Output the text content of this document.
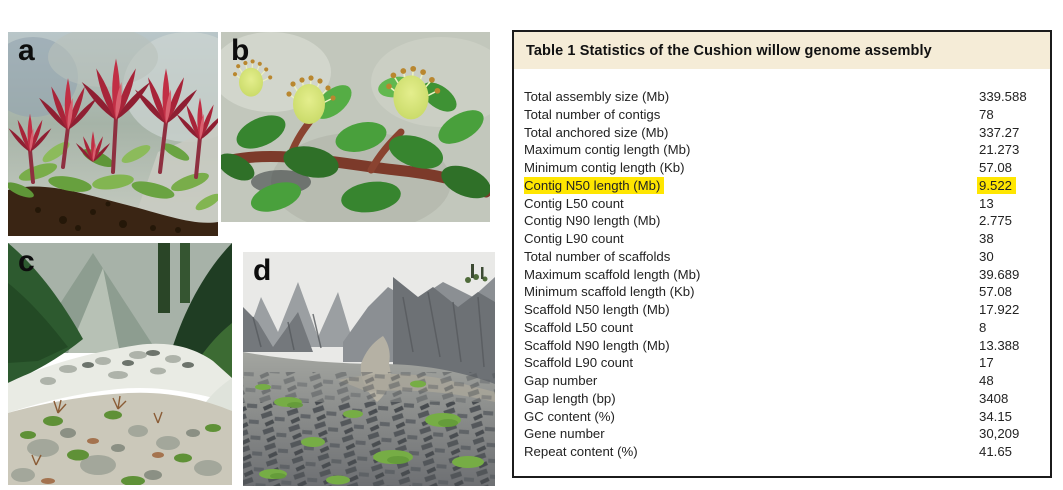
a	b
c	d
Table 1 Statistics of the Cushion willow genome assembly
Total assembly size (Mb)	339.588
Total number of contigs	78
Total anchored size (Mb)	337.27
Maximum contig length (Mb)	21.273
Minimum contig length (Kb)	57.08
Contig N50 length (Mb)	9.522
Contig L50 count	13
Contig N90 length (Mb)	2.775
Contig L90 count	38
Total number of scaffolds	30
Maximum scaffold length (Mb)	39.689
Minimum scaffold length (Kb)	57.08
Scaffold N50 length (Mb)	17.922
Scaffold L50 count	8
Scaffold N90 length (Mb)	13.388
Scaffold L90 count	17
Gap number	48
Gap length (bp)	3408
GC content (%)	34.15
Gene number	30,209
Repeat content (%)	41.65
